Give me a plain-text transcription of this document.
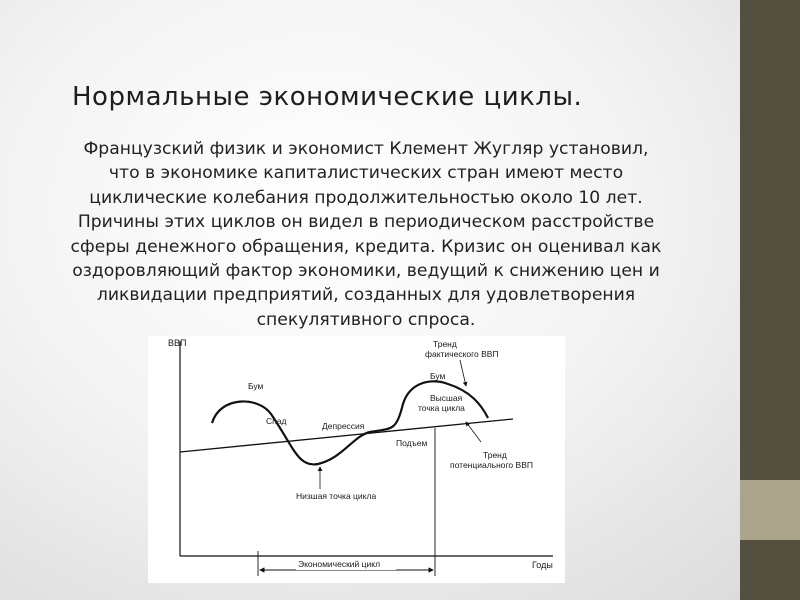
Нормальные экономические циклы.
Французский физик и экономист Клемент Жугляр установил, что в экономике капиталистических стран имеют место циклические колебания продолжительностью около 10 лет. Причины этих циклов он видел в периодическом расстройстве сферы денежного обращения, кредита. Кризис он оценивал как оздоровляющий фактор экономики, ведущий к снижению цен и ликвидации предприятий, созданных для удовлетворения спекулятивного спроса.
ВВП
Годы
Бум
Спад	Депрессия
Подъем
Бум
Высшая
точка цикла
Тренд
фактического ВВП
Тренд
потенциального ВВП
Низшая точка цикла
Экономический цикл
